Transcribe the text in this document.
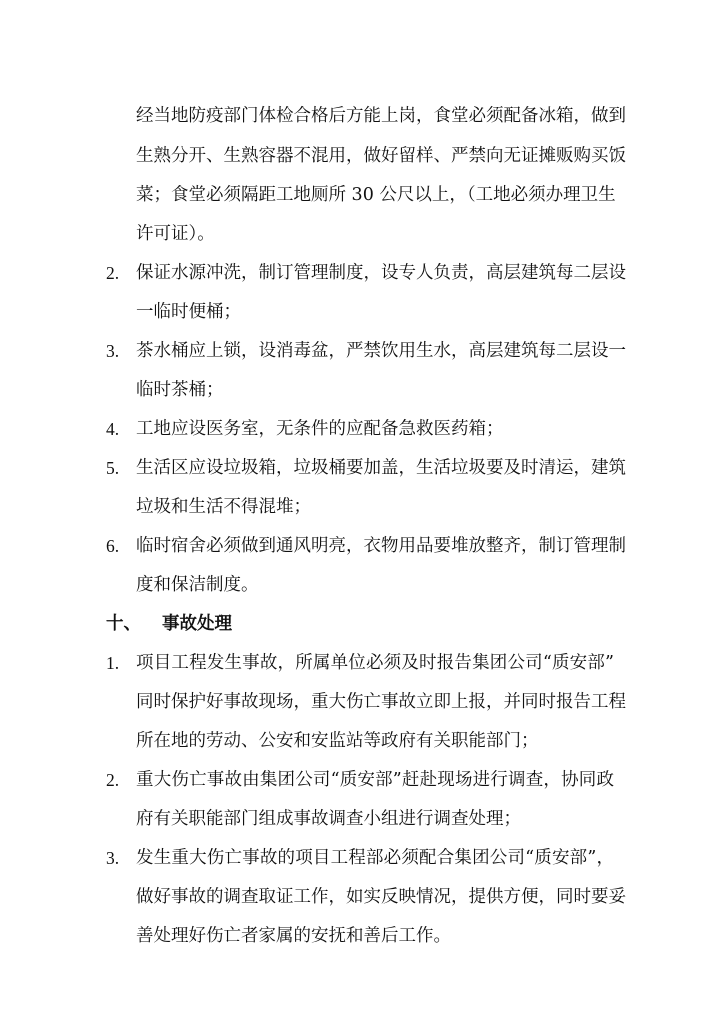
经当地防疫部门体检合格后方能上岗，食堂必须配备冰箱，做到
生熟分开、生熟容器不混用，做好留样、严禁向无证摊贩购买饭
菜；食堂必须隔距工地厕所 30 公尺以上，（工地必须办理卫生
许可证）。
2. 保证水源冲洗，制订管理制度，设专人负责，高层建筑每二层设
一临时便桶；
3. 茶水桶应上锁，设消毒盆，严禁饮用生水，高层建筑每二层设一
临时茶桶；
4. 工地应设医务室，无条件的应配备急救医药箱；
5. 生活区应设垃圾箱，垃圾桶要加盖，生活垃圾要及时清运，建筑
垃圾和生活不得混堆；
6. 临时宿舍必须做到通风明亮，衣物用品要堆放整齐，制订管理制
度和保洁制度。
十、 事故处理
1. 项目工程发生事故，所属单位必须及时报告集团公司“质安部”
同时保护好事故现场，重大伤亡事故立即上报，并同时报告工程
所在地的劳动、公安和安监站等政府有关职能部门；
2. 重大伤亡事故由集团公司“质安部”赶赴现场进行调查，协同政
府有关职能部门组成事故调查小组进行调查处理；
3. 发生重大伤亡事故的项目工程部必须配合集团公司“质安部”，
做好事故的调查取证工作，如实反映情况，提供方便，同时要妥
善处理好伤亡者家属的安抚和善后工作。
